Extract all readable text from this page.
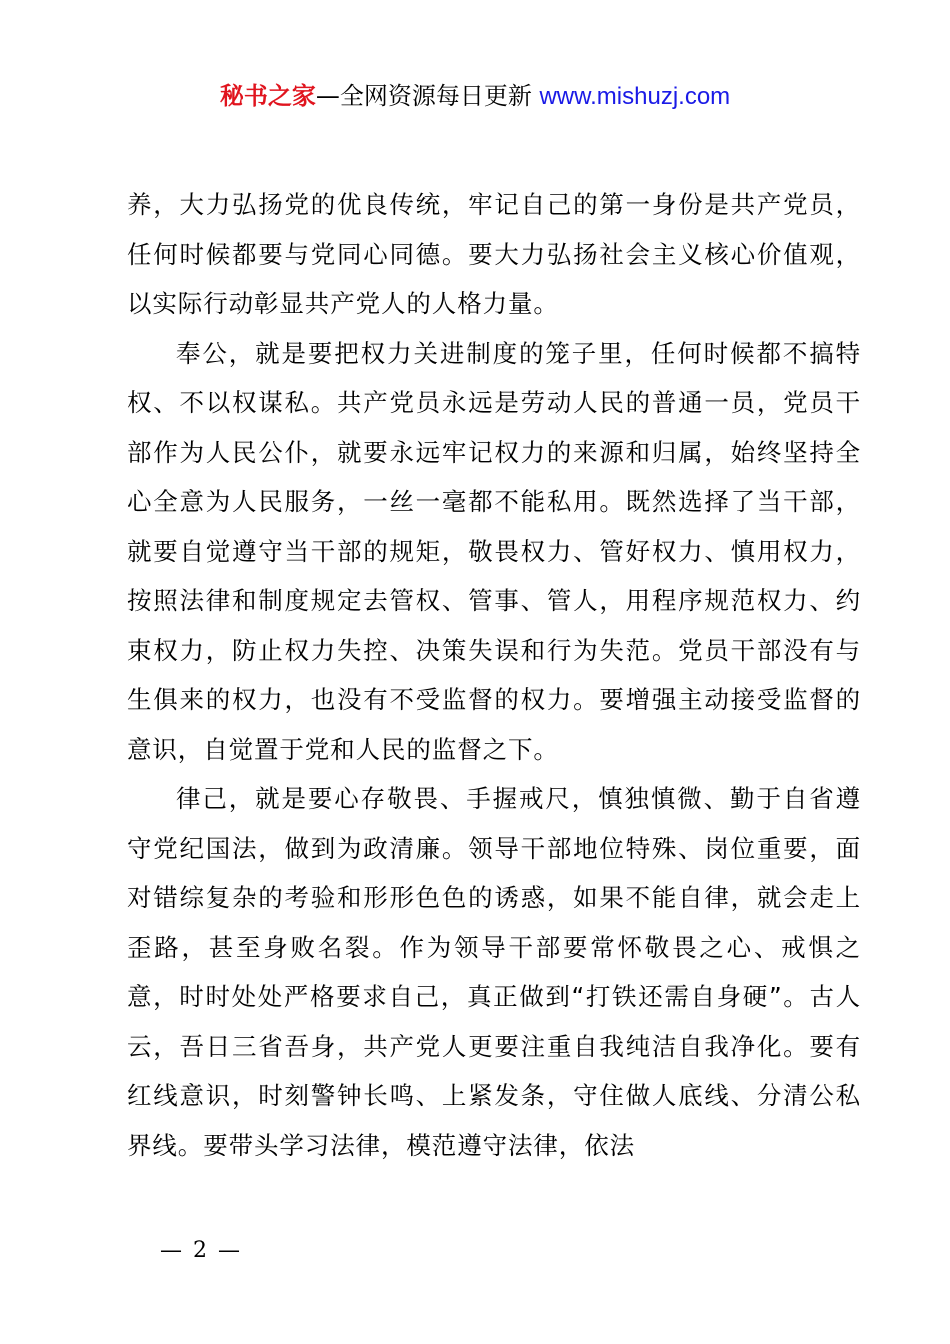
秘书之家—全网资源每日更新 www.mishuzj.com

养，大力弘扬党的优良传统，牢记自己的第一身份是共产党员，任何时候都要与党同心同德。要大力弘扬社会主义核心价值观，以实际行动彰显共产党人的人格力量。

奉公，就是要把权力关进制度的笼子里，任何时候都不搞特权、不以权谋私。共产党员永远是劳动人民的普通一员，党员干部作为人民公仆，就要永远牢记权力的来源和归属，始终坚持全心全意为人民服务，一丝一毫都不能私用。既然选择了当干部，就要自觉遵守当干部的规矩，敬畏权力、管好权力、慎用权力，按照法律和制度规定去管权、管事、管人，用程序规范权力、约束权力，防止权力失控、决策失误和行为失范。党员干部没有与生俱来的权力，也没有不受监督的权力。要增强主动接受监督的意识，自觉置于党和人民的监督之下。

律己，就是要心存敬畏、手握戒尺，慎独慎微、勤于自省遵守党纪国法，做到为政清廉。领导干部地位特殊、岗位重要，面对错综复杂的考验和形形色色的诱惑，如果不能自律，就会走上歪路，甚至身败名裂。作为领导干部要常怀敬畏之心、戒惧之意，时时处处严格要求自己，真正做到“打铁还需自身硬”。古人云，吾日三省吾身，共产党人更要注重自我纯洁自我净化。要有红线意识，时刻警钟长鸣、上紧发条，守住做人底线、分清公私界线。要带头学习法律，模范遵守法律，依法

— 2 —
